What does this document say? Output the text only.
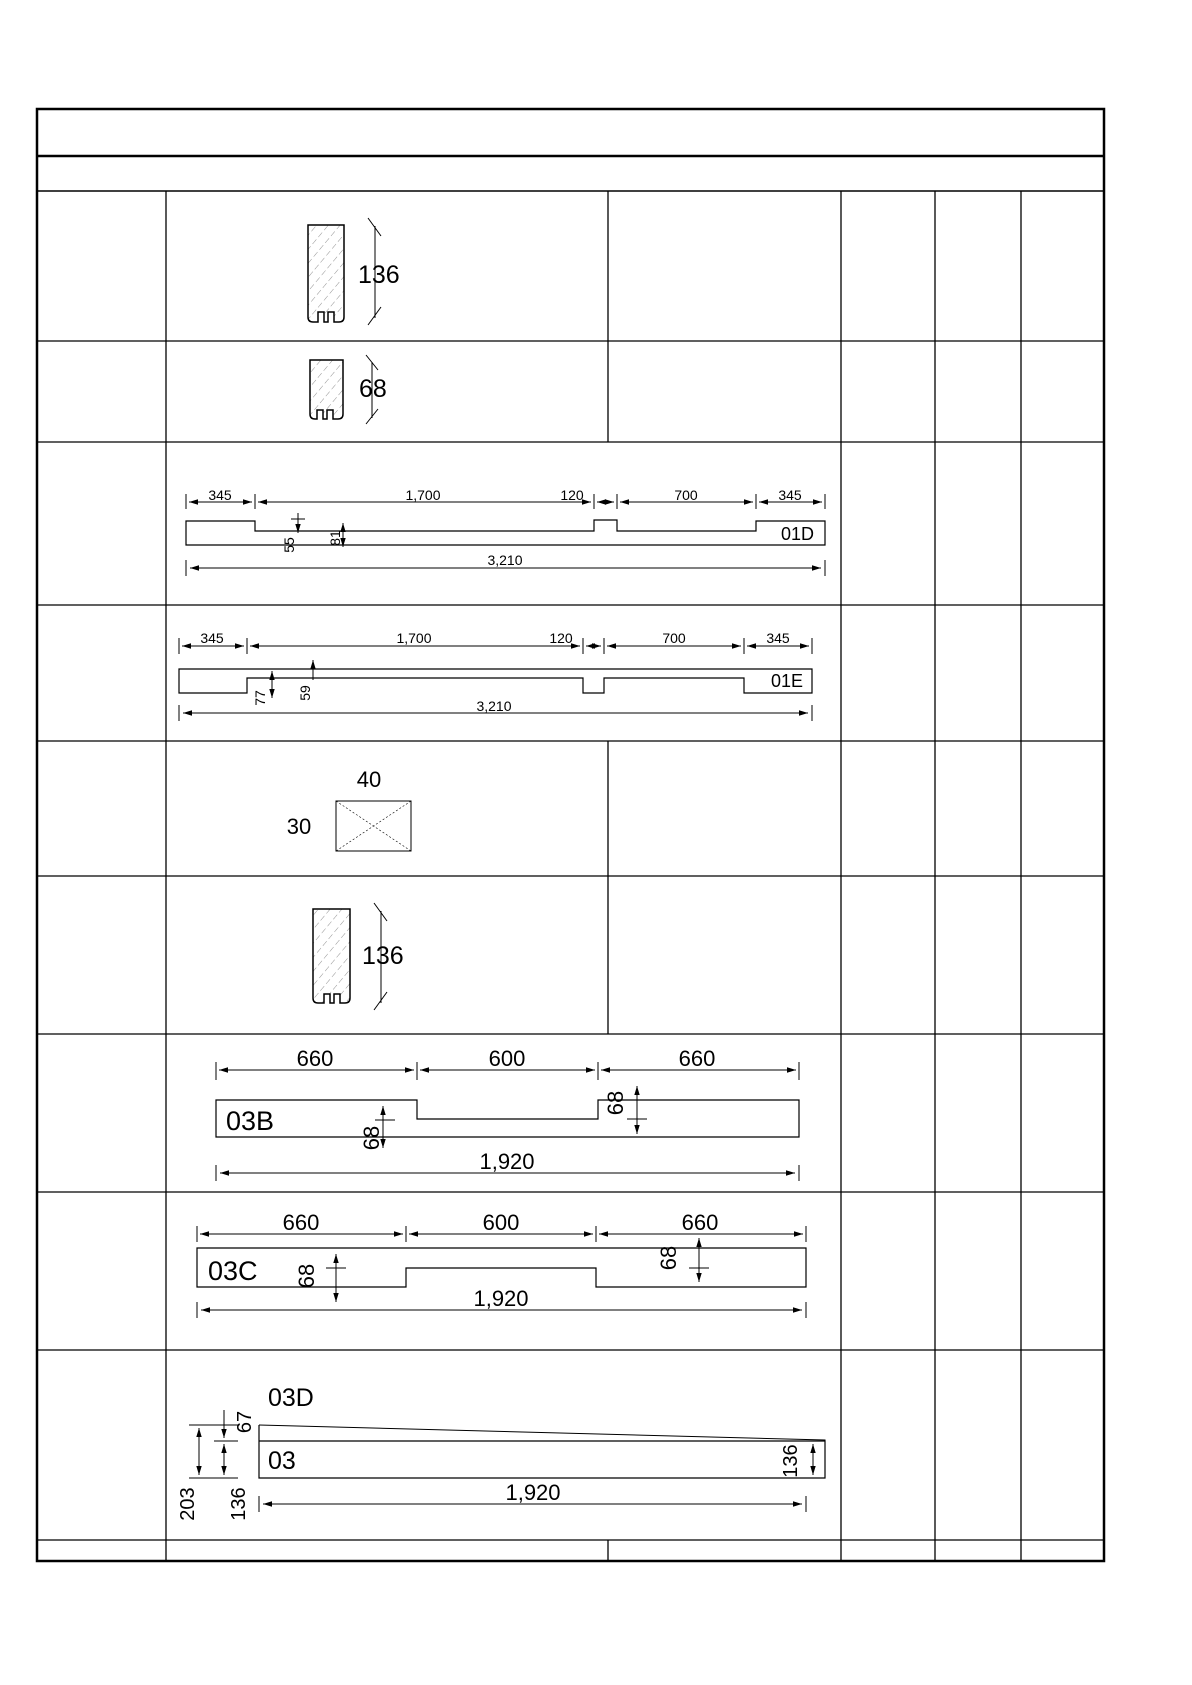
136
68
01D
345	1,700	120	700	345
3,210
55 81
01E
345	1,700	120	700	345
3,210
77 59
40
30
136
03B
660	600	660
1,920
68
68
03C
660	600	660
1,920
68
68
03D
03
1,920
67
203 136
136
